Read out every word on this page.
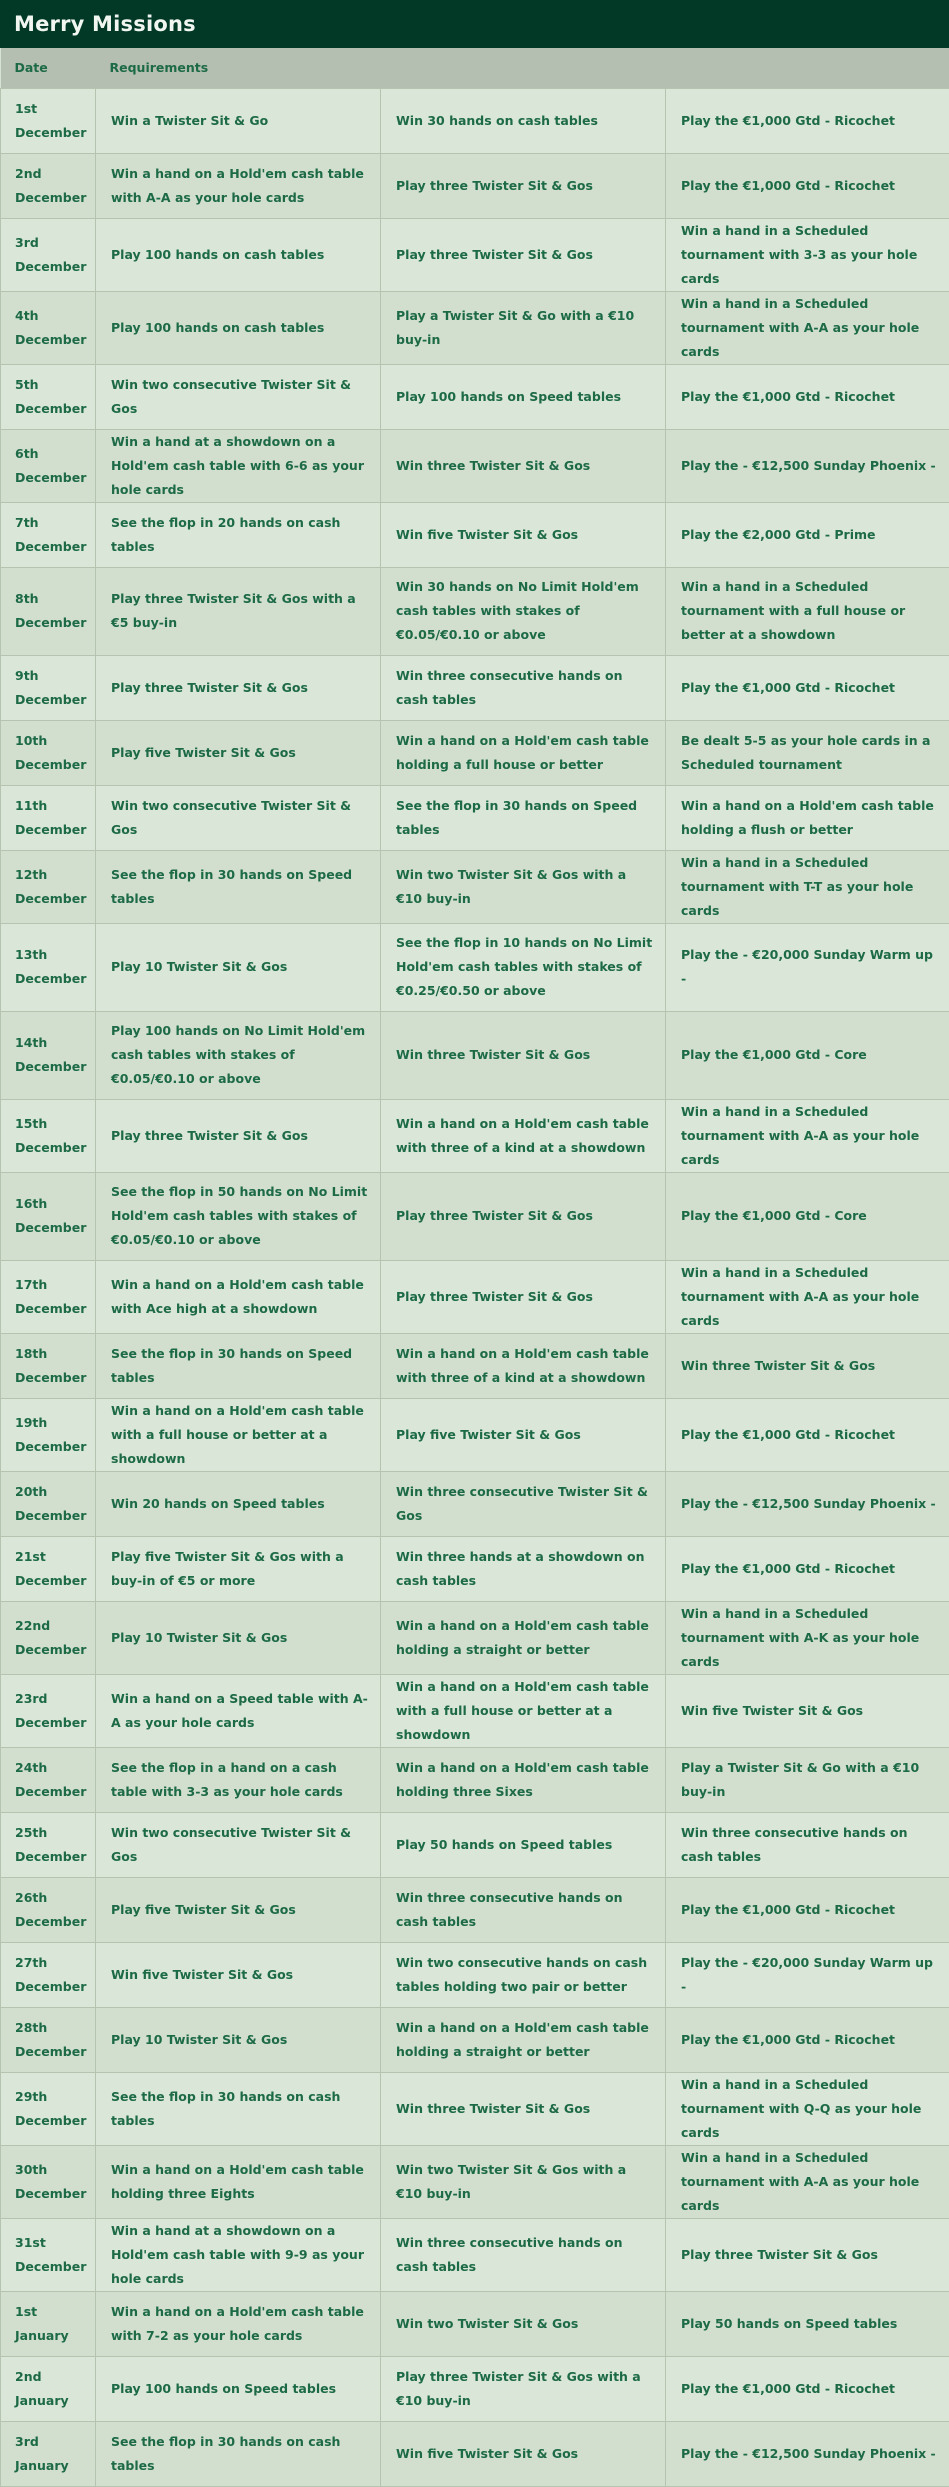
Merry Missions
Date	Requirements		
1st December	Win a Twister Sit & Go	Win 30 hands on cash tables	Play the €1,000 Gtd - Ricochet
2nd December	Win a hand on a Hold'em cash table with A-A as your hole cards	Play three Twister Sit & Gos	Play the €1,000 Gtd - Ricochet
3rd December	Play 100 hands on cash tables	Play three Twister Sit & Gos	Win a hand in a Scheduled tournament with 3-3 as your hole cards
4th December	Play 100 hands on cash tables	Play a Twister Sit & Go with a €10 buy-in	Win a hand in a Scheduled tournament with A-A as your hole cards
5th December	Win two consecutive Twister Sit & Gos	Play 100 hands on Speed tables	Play the €1,000 Gtd - Ricochet
6th December	Win a hand at a showdown on a Hold'em cash table with 6-6 as your hole cards	Win three Twister Sit & Gos	Play the - €12,500 Sunday Phoenix -
7th December	See the flop in 20 hands on cash tables	Win five Twister Sit & Gos	Play the €2,000 Gtd - Prime
8th December	Play three Twister Sit & Gos with a €5 buy-in	Win 30 hands on No Limit Hold'em cash tables with stakes of €0.05/€0.10 or above	Win a hand in a Scheduled tournament with a full house or better at a showdown
9th December	Play three Twister Sit & Gos	Win three consecutive hands on cash tables	Play the €1,000 Gtd - Ricochet
10th December	Play five Twister Sit & Gos	Win a hand on a Hold'em cash table holding a full house or better	Be dealt 5-5 as your hole cards in a Scheduled tournament
11th December	Win two consecutive Twister Sit & Gos	See the flop in 30 hands on Speed tables	Win a hand on a Hold'em cash table holding a flush or better
12th December	See the flop in 30 hands on Speed tables	Win two Twister Sit & Gos with a €10 buy-in	Win a hand in a Scheduled tournament with T-T as your hole cards
13th December	Play 10 Twister Sit & Gos	See the flop in 10 hands on No Limit Hold'em cash tables with stakes of €0.25/€0.50 or above	Play the - €20,000 Sunday Warm up -
14th December	Play 100 hands on No Limit Hold'em cash tables with stakes of €0.05/€0.10 or above	Win three Twister Sit & Gos	Play the €1,000 Gtd - Core
15th December	Play three Twister Sit & Gos	Win a hand on a Hold'em cash table with three of a kind at a showdown	Win a hand in a Scheduled tournament with A-A as your hole cards
16th December	See the flop in 50 hands on No Limit Hold'em cash tables with stakes of €0.05/€0.10 or above	Play three Twister Sit & Gos	Play the €1,000 Gtd - Core
17th December	Win a hand on a Hold'em cash table with Ace high at a showdown	Play three Twister Sit & Gos	Win a hand in a Scheduled tournament with A-A as your hole cards
18th December	See the flop in 30 hands on Speed tables	Win a hand on a Hold'em cash table with three of a kind at a showdown	Win three Twister Sit & Gos
19th December	Win a hand on a Hold'em cash table with a full house or better at a showdown	Play five Twister Sit & Gos	Play the €1,000 Gtd - Ricochet
20th December	Win 20 hands on Speed tables	Win three consecutive Twister Sit & Gos	Play the - €12,500 Sunday Phoenix -
21st December	Play five Twister Sit & Gos with a buy-in of €5 or more	Win three hands at a showdown on cash tables	Play the €1,000 Gtd - Ricochet
22nd December	Play 10 Twister Sit & Gos	Win a hand on a Hold'em cash table holding a straight or better	Win a hand in a Scheduled tournament with A-K as your hole cards
23rd December	Win a hand on a Speed table with A-A as your hole cards	Win a hand on a Hold'em cash table with a full house or better at a showdown	Win five Twister Sit & Gos
24th December	See the flop in a hand on a cash table with 3-3 as your hole cards	Win a hand on a Hold'em cash table holding three Sixes	Play a Twister Sit & Go with a €10 buy-in
25th December	Win two consecutive Twister Sit & Gos	Play 50 hands on Speed tables	Win three consecutive hands on cash tables
26th December	Play five Twister Sit & Gos	Win three consecutive hands on cash tables	Play the €1,000 Gtd - Ricochet
27th December	Win five Twister Sit & Gos	Win two consecutive hands on cash tables holding two pair or better	Play the - €20,000 Sunday Warm up -
28th December	Play 10 Twister Sit & Gos	Win a hand on a Hold'em cash table holding a straight or better	Play the €1,000 Gtd - Ricochet
29th December	See the flop in 30 hands on cash tables	Win three Twister Sit & Gos	Win a hand in a Scheduled tournament with Q-Q as your hole cards
30th December	Win a hand on a Hold'em cash table holding three Eights	Win two Twister Sit & Gos with a €10 buy-in	Win a hand in a Scheduled tournament with A-A as your hole cards
31st December	Win a hand at a showdown on a Hold'em cash table with 9-9 as your hole cards	Win three consecutive hands on cash tables	Play three Twister Sit & Gos
1st January	Win a hand on a Hold'em cash table with 7-2 as your hole cards	Win two Twister Sit & Gos	Play 50 hands on Speed tables
2nd January	Play 100 hands on Speed tables	Play three Twister Sit & Gos with a €10 buy-in	Play the €1,000 Gtd - Ricochet
3rd January	See the flop in 30 hands on cash tables	Win five Twister Sit & Gos	Play the - €12,500 Sunday Phoenix -
